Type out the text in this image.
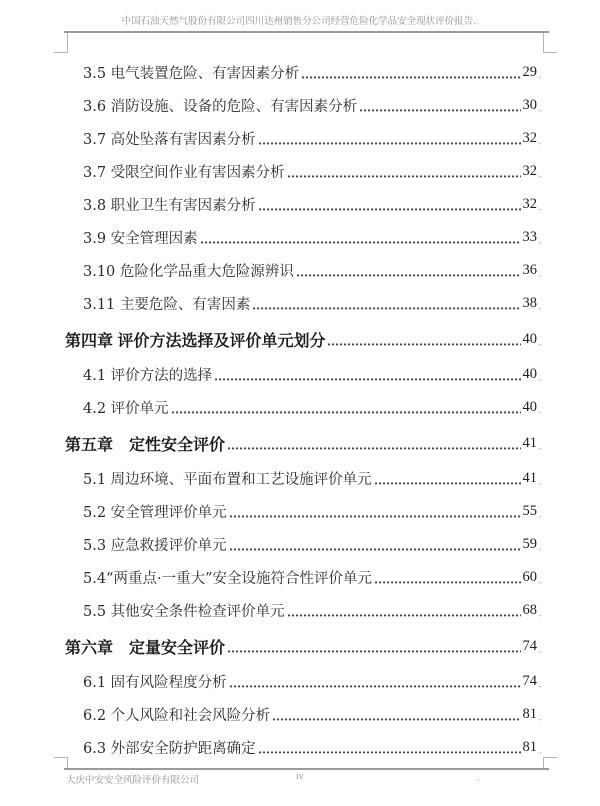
中国石油天然气股份有限公司四川达州销售分公司经营危险化学品安全现状评价报告.,
3.5 电气装置危险、有害因素分析	29 .,
3.6 消防设施、设备的危险、有害因素分析	30 .,
3.7 高处坠落有害因素分析	32 .,
3.7 受限空间作业有害因素分析	32 .,
3.8 职业卫生有害因素分析	32 .,
3.9 安全管理因素	33 .,
3.10 危险化学品重大危险源辨识	36 .,
3.11 主要危险、有害因素	38 .,
第四章 评价方法选择及评价单元划分	40 .,
4.1 评价方法的选择	40 .,
4.2 评价单元	40 .,
第五章　定性安全评价	41 .,
5.1 周边环境、平面布置和工艺设施评价单元	41 .,
5.2 安全管理评价单元	55 .,
5.3 应急救援评价单元	59 .,
5.4“两重点·一重大”安全设施符合性评价单元	60 .,
5.5 其他安全条件检查评价单元	68 .,
第六章　定量安全评价	74 .,
6.1 固有风险程度分析	74 .,
6.2 个人风险和社会风险分析	81 .,
6.3 外部安全防护距离确定	81 .,
大庆中安安全风险评价有限公司	iv	.,
